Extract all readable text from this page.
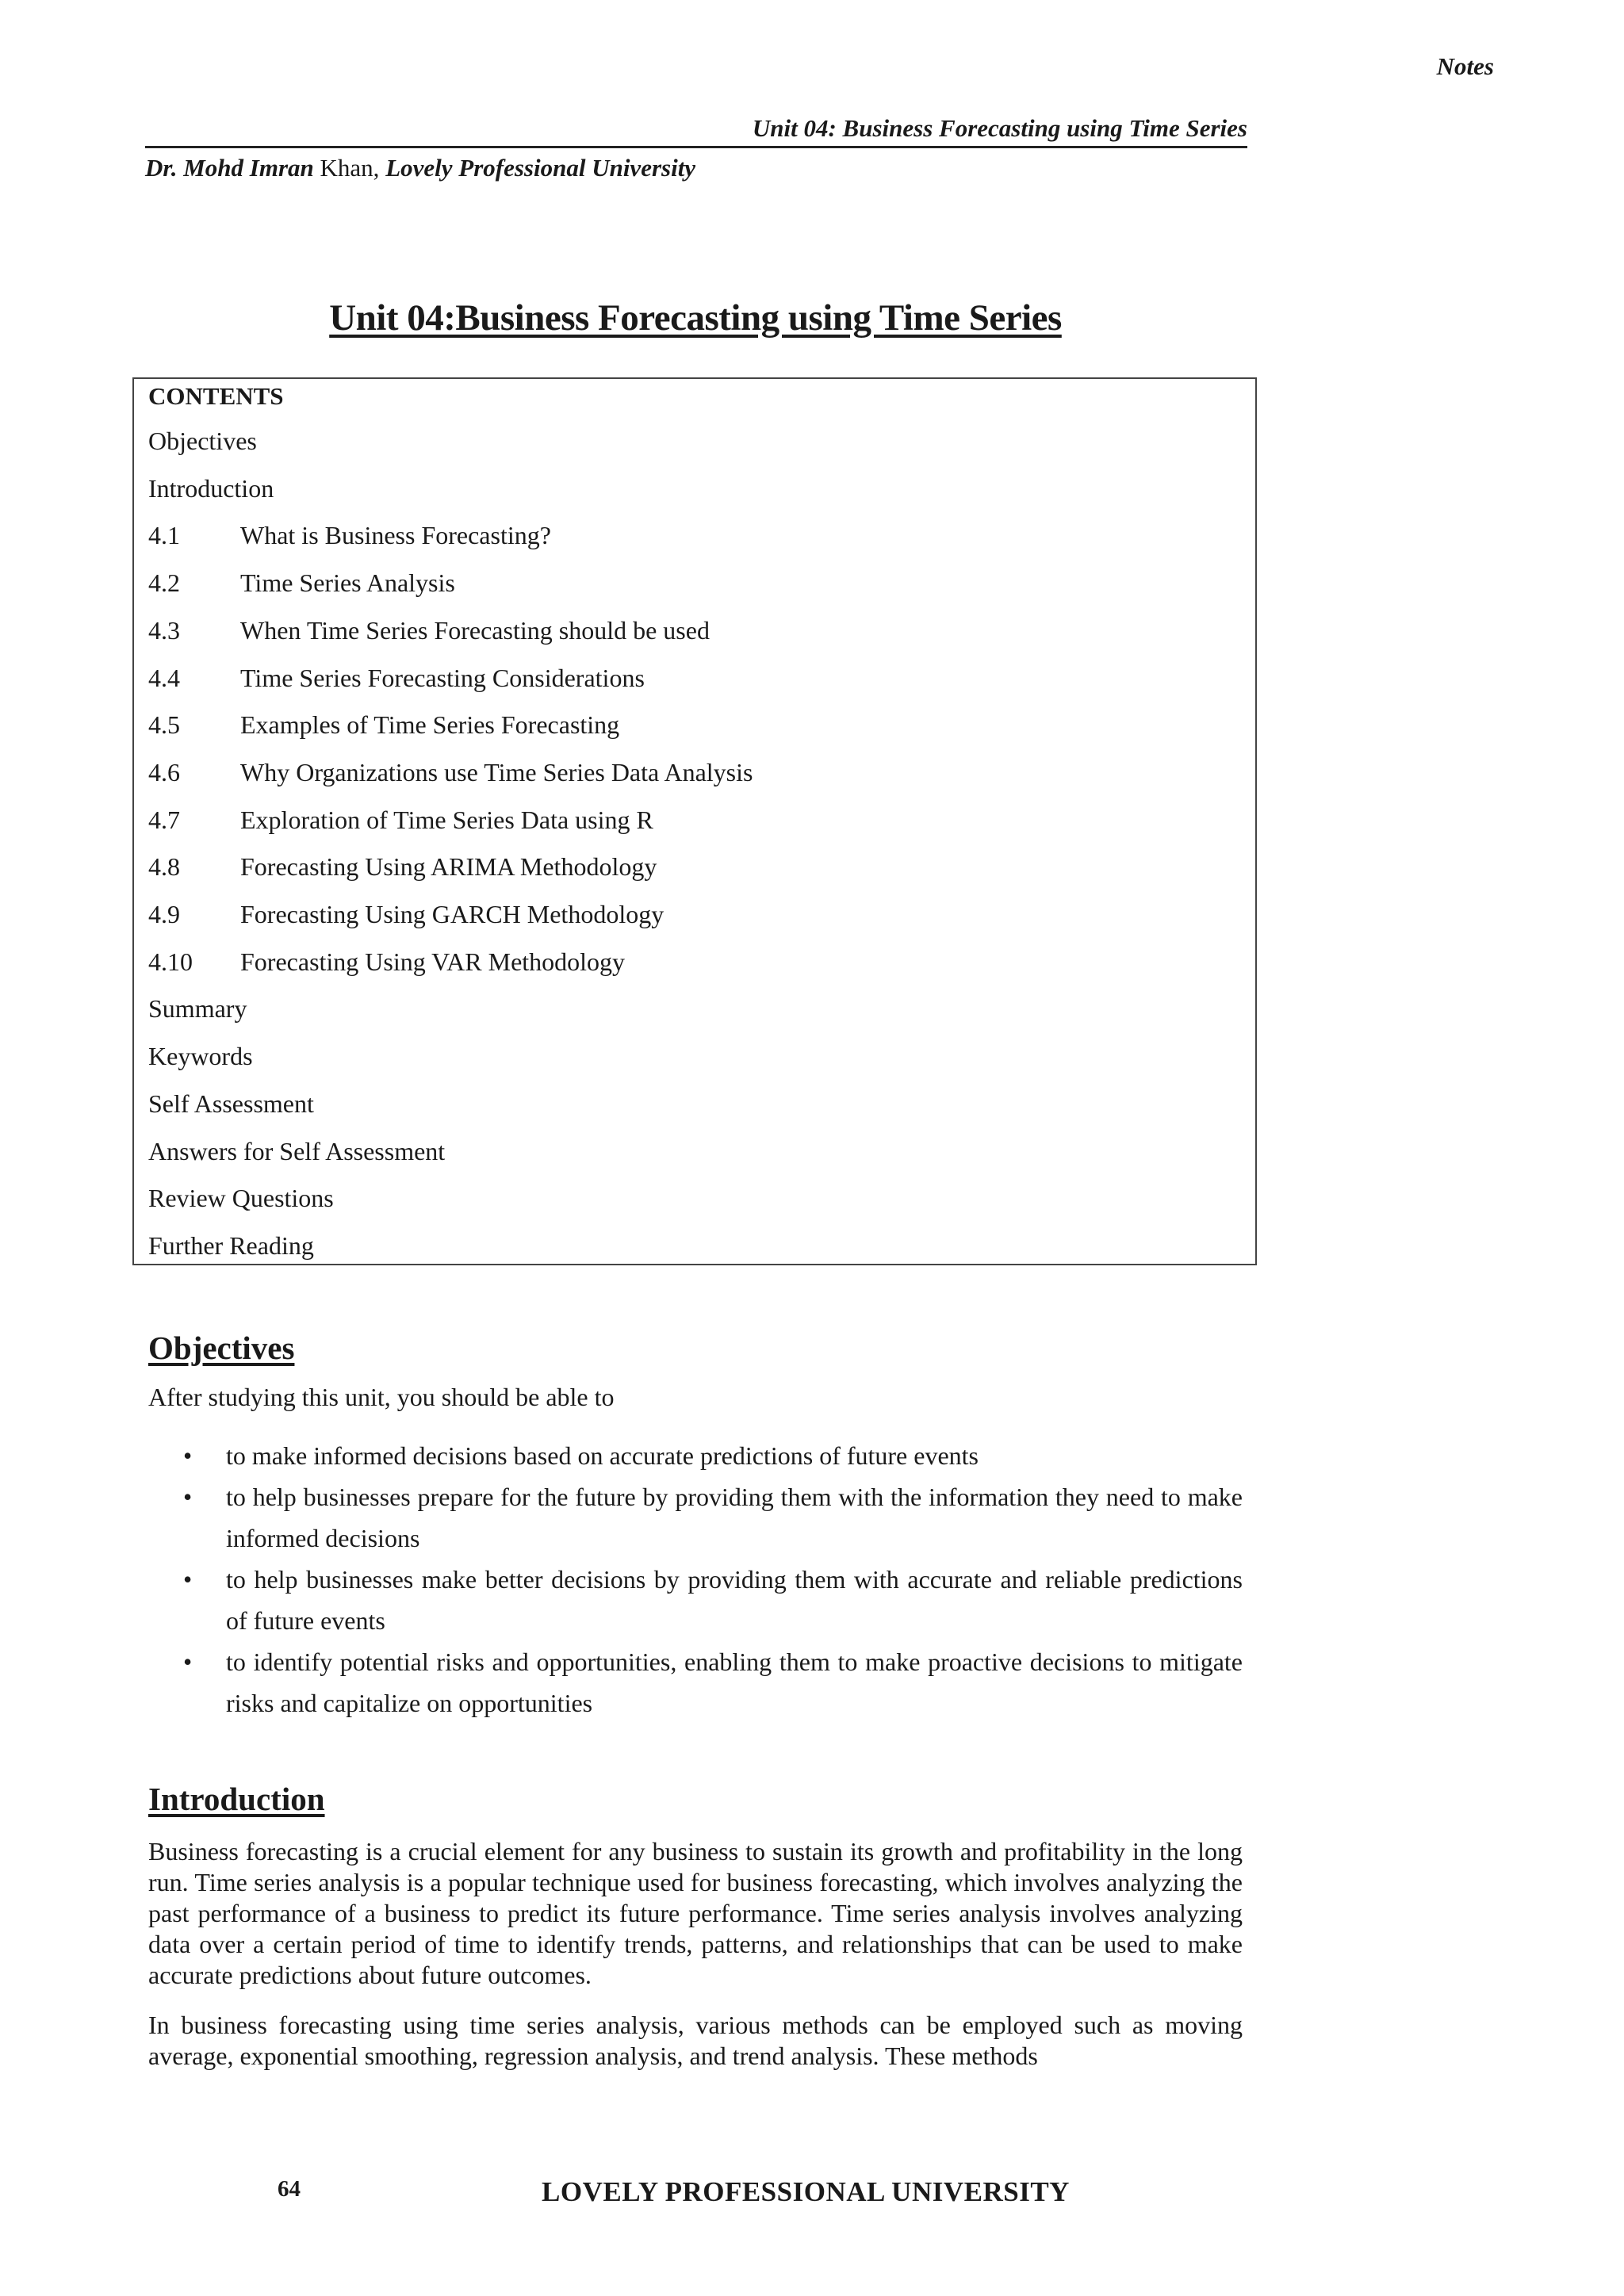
Notes
Unit 04: Business Forecasting using Time Series
Dr. Mohd Imran Khan, Lovely Professional University
Unit 04:Business Forecasting using Time Series
CONTENTS
Objectives
Introduction
4.1 What is Business Forecasting?
4.2 Time Series Analysis
4.3 When Time Series Forecasting should be used
4.4 Time Series Forecasting Considerations
4.5 Examples of Time Series Forecasting
4.6 Why Organizations use Time Series Data Analysis
4.7 Exploration of Time Series Data using R
4.8 Forecasting Using ARIMA Methodology
4.9 Forecasting Using GARCH Methodology
4.10 Forecasting Using VAR Methodology
Summary
Keywords
Self Assessment
Answers for Self Assessment
Review Questions
Further Reading
Objectives
After studying this unit, you should be able to
• to make informed decisions based on accurate predictions of future events
• to help businesses prepare for the future by providing them with the information they need to make informed decisions
• to help businesses make better decisions by providing them with accurate and reliable predictions of future events
• to identify potential risks and opportunities, enabling them to make proactive decisions to mitigate risks and capitalize on opportunities
Introduction

Business forecasting is a crucial element for any business to sustain its growth and profitability in the long run. Time series analysis is a popular technique used for business forecasting, which involves analyzing the past performance of a business to predict its future performance. Time series analysis involves analyzing data over a certain period of time to identify trends, patterns, and relationships that can be used to make accurate predictions about future outcomes.

In business forecasting using time series analysis, various methods can be employed such as moving average, exponential smoothing, regression analysis, and trend analysis. These methods

64	LOVELY PROFESSIONAL UNIVERSITY
